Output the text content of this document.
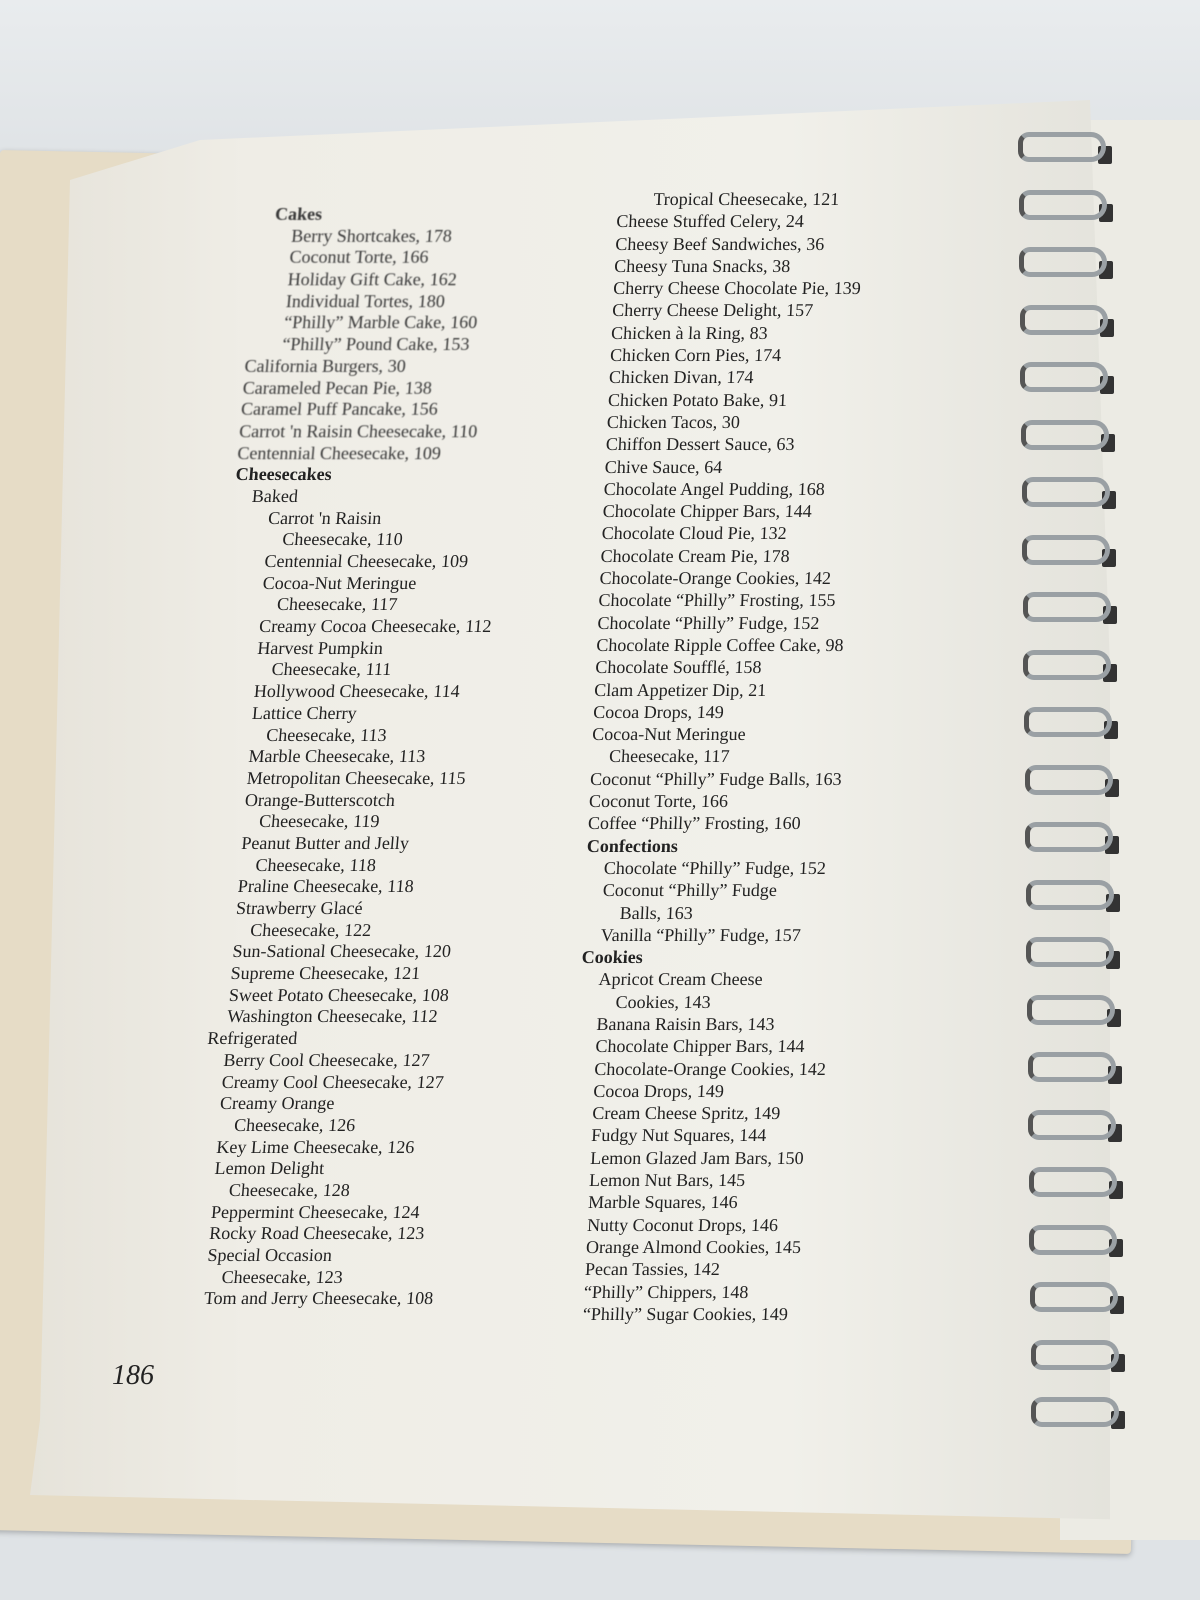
Cakes
Berry Shortcakes, 178
Coconut Torte, 166
Holiday Gift Cake, 162
Individual Tortes, 180
“Philly” Marble Cake, 160
“Philly” Pound Cake, 153
California Burgers, 30
Carameled Pecan Pie, 138
Caramel Puff Pancake, 156
Carrot 'n Raisin Cheesecake, 110
Centennial Cheesecake, 109
Cheesecakes
Baked
Carrot 'n Raisin
Cheesecake, 110
Centennial Cheesecake, 109
Cocoa-Nut Meringue
Cheesecake, 117
Creamy Cocoa Cheesecake, 112
Harvest Pumpkin
Cheesecake, 111
Hollywood Cheesecake, 114
Lattice Cherry
Cheesecake, 113
Marble Cheesecake, 113
Metropolitan Cheesecake, 115
Orange-Butterscotch
Cheesecake, 119
Peanut Butter and Jelly
Cheesecake, 118
Praline Cheesecake, 118
Strawberry Glacé
Cheesecake, 122
Sun-Sational Cheesecake, 120
Supreme Cheesecake, 121
Sweet Potato Cheesecake, 108
Washington Cheesecake, 112
Refrigerated
Berry Cool Cheesecake, 127
Creamy Cool Cheesecake, 127
Creamy Orange
Cheesecake, 126
Key Lime Cheesecake, 126
Lemon Delight
Cheesecake, 128
Peppermint Cheesecake, 124
Rocky Road Cheesecake, 123
Special Occasion
Cheesecake, 123
Tom and Jerry Cheesecake, 108
Tropical Cheesecake, 121
Cheese Stuffed Celery, 24
Cheesy Beef Sandwiches, 36
Cheesy Tuna Snacks, 38
Cherry Cheese Chocolate Pie, 139
Cherry Cheese Delight, 157
Chicken à la Ring, 83
Chicken Corn Pies, 174
Chicken Divan, 174
Chicken Potato Bake, 91
Chicken Tacos, 30
Chiffon Dessert Sauce, 63
Chive Sauce, 64
Chocolate Angel Pudding, 168
Chocolate Chipper Bars, 144
Chocolate Cloud Pie, 132
Chocolate Cream Pie, 178
Chocolate-Orange Cookies, 142
Chocolate “Philly” Frosting, 155
Chocolate “Philly” Fudge, 152
Chocolate Ripple Coffee Cake, 98
Chocolate Soufflé, 158
Clam Appetizer Dip, 21
Cocoa Drops, 149
Cocoa-Nut Meringue
Cheesecake, 117
Coconut “Philly” Fudge Balls, 163
Coconut Torte, 166
Coffee “Philly” Frosting, 160
Confections
Chocolate “Philly” Fudge, 152
Coconut “Philly” Fudge
Balls, 163
Vanilla “Philly” Fudge, 157
Cookies
Apricot Cream Cheese
Cookies, 143
Banana Raisin Bars, 143
Chocolate Chipper Bars, 144
Chocolate-Orange Cookies, 142
Cocoa Drops, 149
Cream Cheese Spritz, 149
Fudgy Nut Squares, 144
Lemon Glazed Jam Bars, 150
Lemon Nut Bars, 145
Marble Squares, 146
Nutty Coconut Drops, 146
Orange Almond Cookies, 145
Pecan Tassies, 142
“Philly” Chippers, 148
“Philly” Sugar Cookies, 149
186
